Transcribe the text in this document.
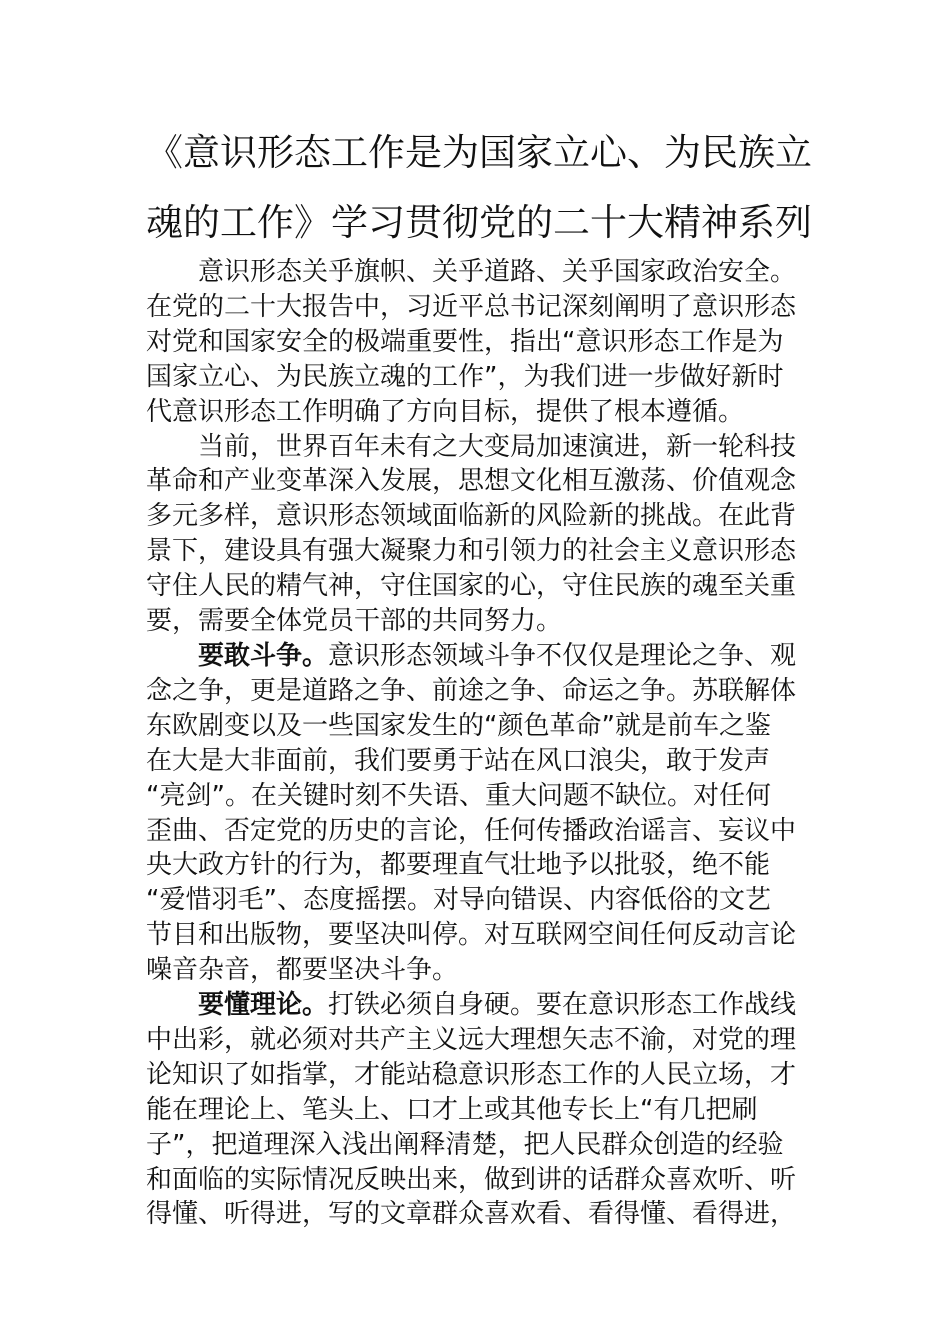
《意识形态工作是为国家立心、为民族立
魂的工作》学习贯彻党的二十大精神系列

意识形态关乎旗帜、关乎道路、关乎国家政治安全。
在党的二十大报告中，习近平总书记深刻阐明了意识形态
对党和国家安全的极端重要性，指出“意识形态工作是为
国家立心、为民族立魂的工作”，为我们进一步做好新时
代意识形态工作明确了方向目标，提供了根本遵循。

当前，世界百年未有之大变局加速演进，新一轮科技
革命和产业变革深入发展，思想文化相互激荡、价值观念
多元多样，意识形态领域面临新的风险新的挑战。在此背
景下，建设具有强大凝聚力和引领力的社会主义意识形态
守住人民的精气神，守住国家的心，守住民族的魂至关重
要，需要全体党员干部的共同努力。

要敢斗争。意识形态领域斗争不仅仅是理论之争、观
念之争，更是道路之争、前途之争、命运之争。苏联解体
东欧剧变以及一些国家发生的“颜色革命”就是前车之鉴
在大是大非面前，我们要勇于站在风口浪尖，敢于发声
“亮剑”。在关键时刻不失语、重大问题不缺位。对任何
歪曲、否定党的历史的言论，任何传播政治谣言、妄议中
央大政方针的行为，都要理直气壮地予以批驳，绝不能
“爱惜羽毛”、态度摇摆。对导向错误、内容低俗的文艺
节目和出版物，要坚决叫停。对互联网空间任何反动言论
噪音杂音，都要坚决斗争。

要懂理论。打铁必须自身硬。要在意识形态工作战线
中出彩，就必须对共产主义远大理想矢志不渝，对党的理
论知识了如指掌，才能站稳意识形态工作的人民立场，才
能在理论上、笔头上、口才上或其他专长上“有几把刷
子”，把道理深入浅出阐释清楚，把人民群众创造的经验
和面临的实际情况反映出来，做到讲的话群众喜欢听、听
得懂、听得进，写的文章群众喜欢看、看得懂、看得进，
